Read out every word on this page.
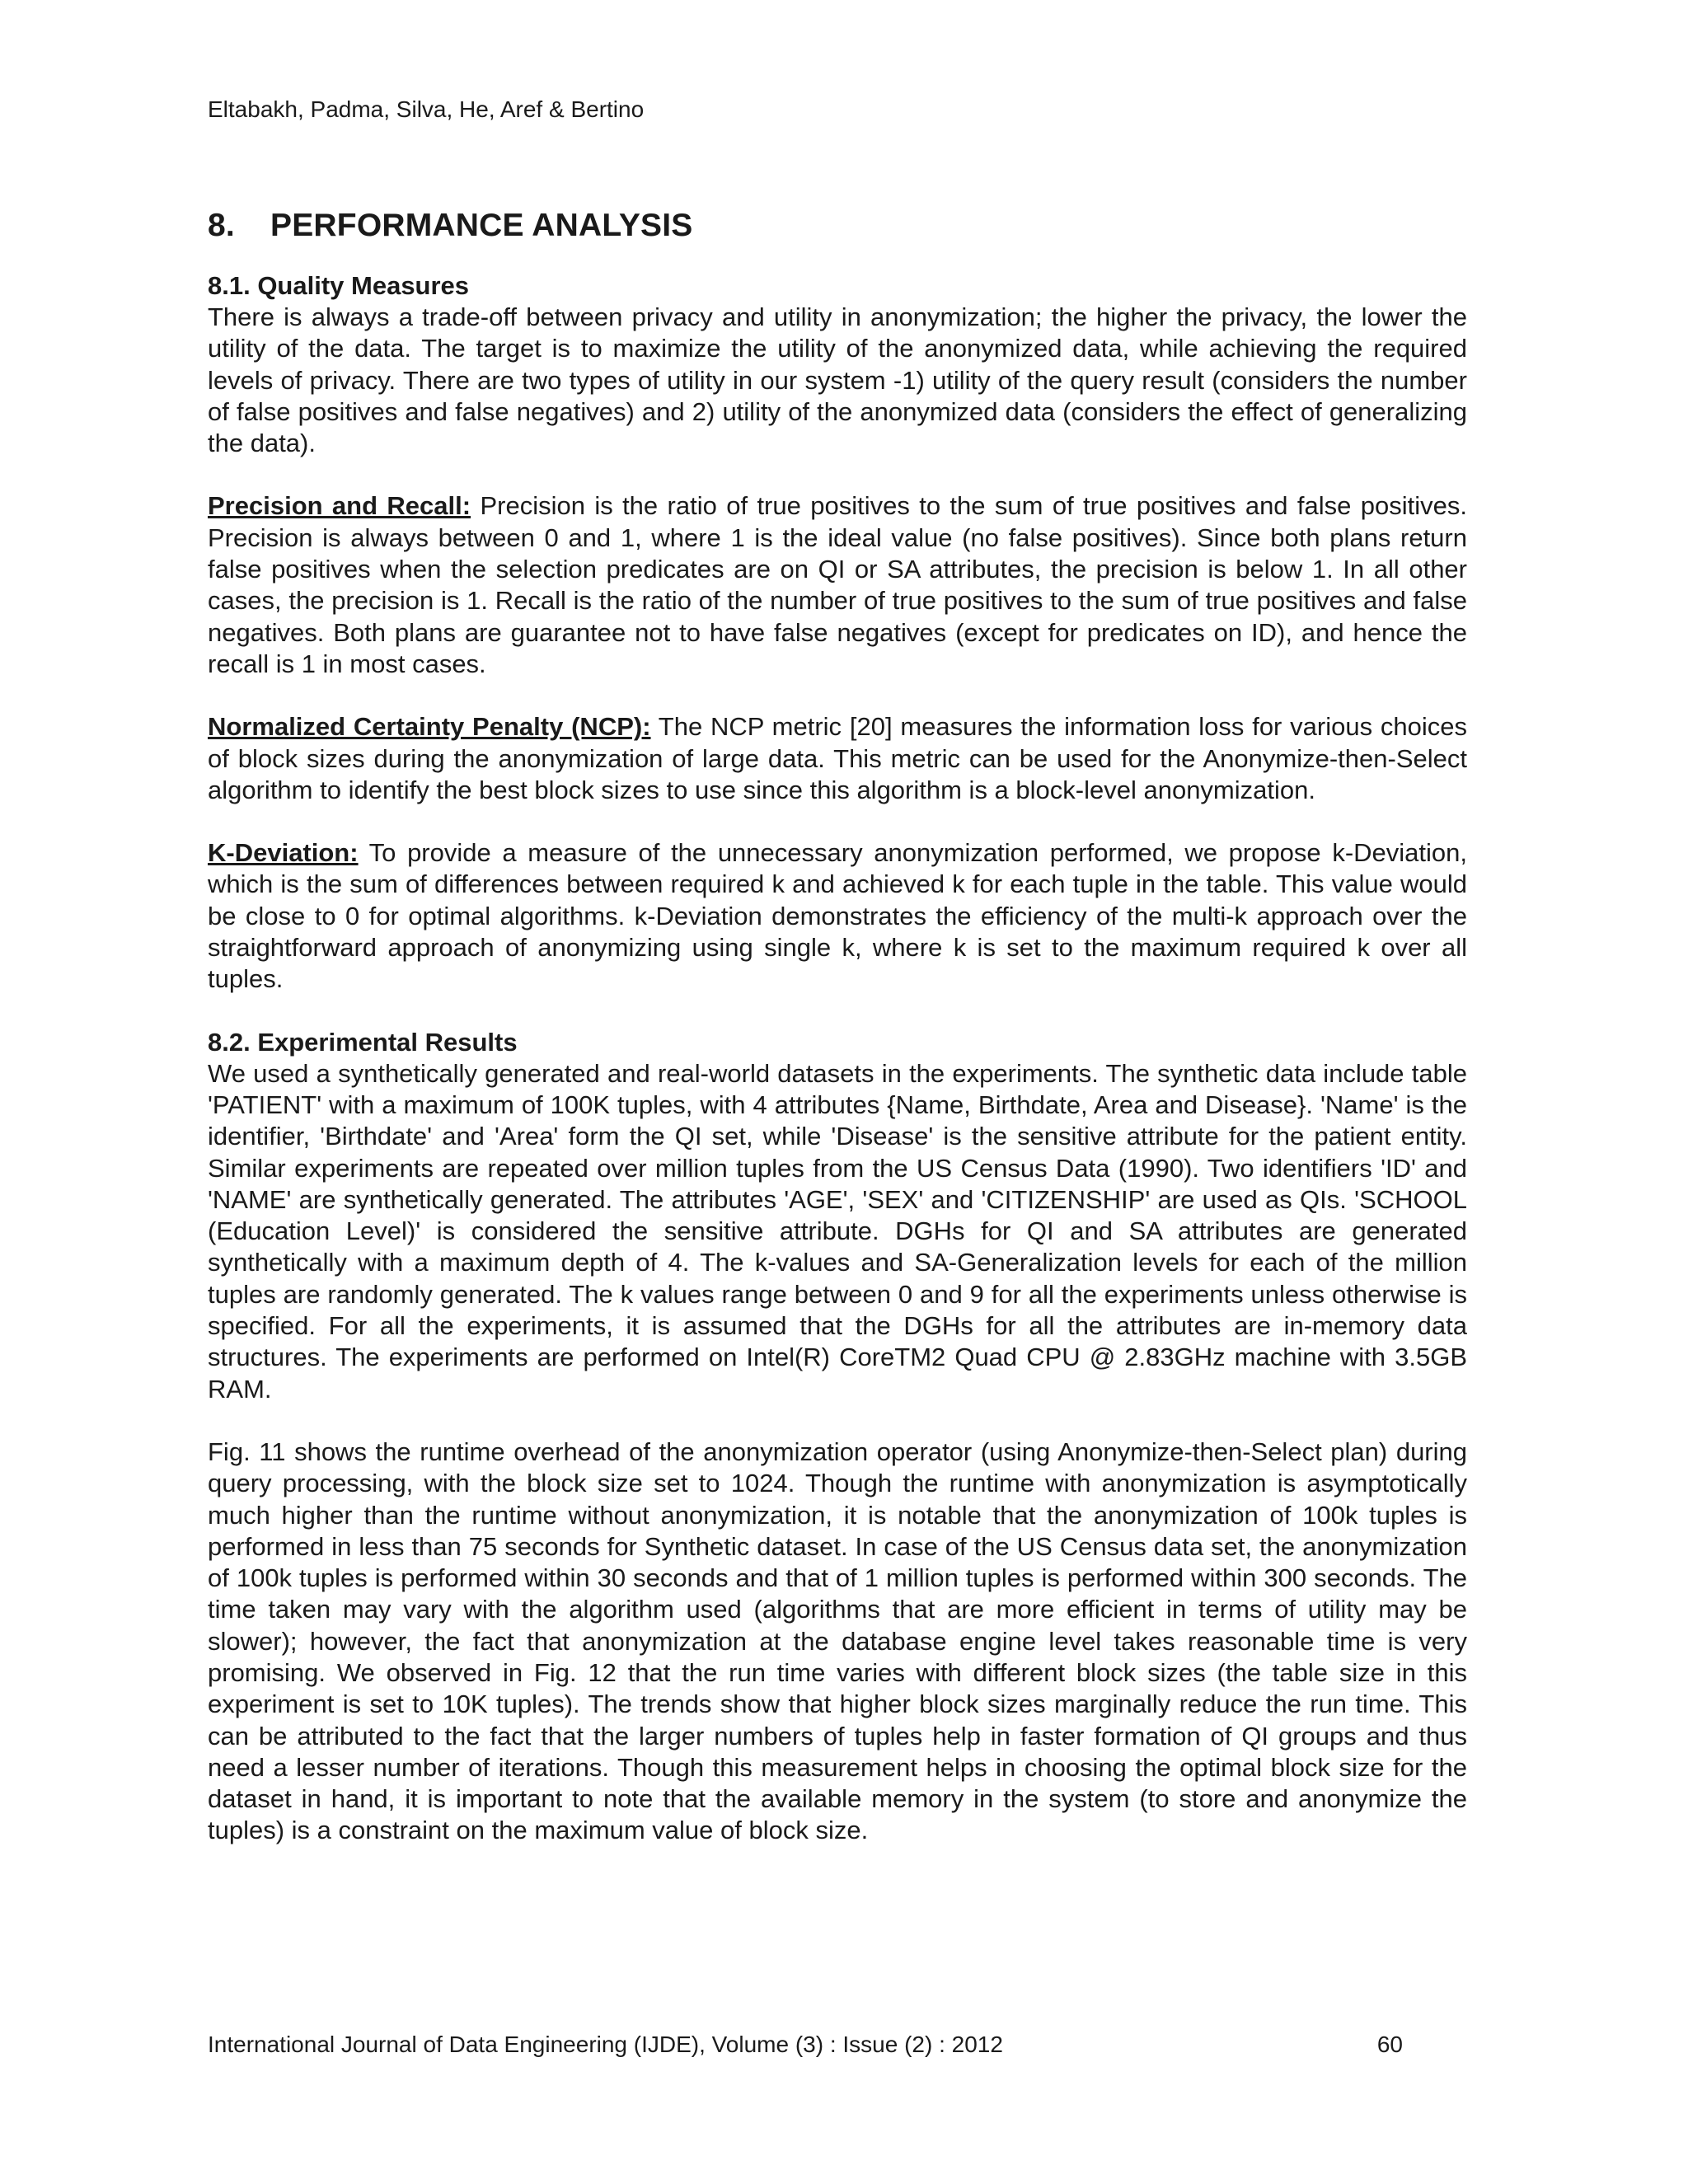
Eltabakh, Padma, Silva, He, Aref & Bertino
8. PERFORMANCE ANALYSIS
8.1. Quality Measures

There is always a trade-off between privacy and utility in anonymization; the higher the privacy, the lower the utility of the data. The target is to maximize the utility of the anonymized data, while achieving the required levels of privacy. There are two types of utility in our system -1) utility of the query result (considers the number of false positives and false negatives) and 2) utility of the anonymized data (considers the effect of generalizing the data).

Precision and Recall: Precision is the ratio of true positives to the sum of true positives and false positives. Precision is always between 0 and 1, where 1 is the ideal value (no false positives). Since both plans return false positives when the selection predicates are on QI or SA attributes, the precision is below 1. In all other cases, the precision is 1. Recall is the ratio of the number of true positives to the sum of true positives and false negatives. Both plans are guarantee not to have false negatives (except for predicates on ID), and hence the recall is 1 in most cases.

Normalized Certainty Penalty (NCP): The NCP metric [20] measures the information loss for various choices of block sizes during the anonymization of large data. This metric can be used for the Anonymize-then-Select algorithm to identify the best block sizes to use since this algorithm is a block-level anonymization.

K-Deviation: To provide a measure of the unnecessary anonymization performed, we propose k-Deviation, which is the sum of differences between required k and achieved k for each tuple in the table. This value would be close to 0 for optimal algorithms. k-Deviation demonstrates the efficiency of the multi-k approach over the straightforward approach of anonymizing using single k, where k is set to the maximum required k over all tuples.

8.2. Experimental Results

We used a synthetically generated and real-world datasets in the experiments. The synthetic data include table 'PATIENT' with a maximum of 100K tuples, with 4 attributes {Name, Birthdate, Area and Disease}. 'Name' is the identifier, 'Birthdate' and 'Area' form the QI set, while 'Disease' is the sensitive attribute for the patient entity. Similar experiments are repeated over million tuples from the US Census Data (1990). Two identifiers 'ID' and 'NAME' are synthetically generated. The attributes 'AGE', 'SEX' and 'CITIZENSHIP' are used as QIs. 'SCHOOL (Education Level)' is considered the sensitive attribute. DGHs for QI and SA attributes are generated synthetically with a maximum depth of 4. The k-values and SA-Generalization levels for each of the million tuples are randomly generated. The k values range between 0 and 9 for all the experiments unless otherwise is specified. For all the experiments, it is assumed that the DGHs for all the attributes are in-memory data structures. The experiments are performed on Intel(R) CoreTM2 Quad CPU @ 2.83GHz machine with 3.5GB RAM.

Fig. 11 shows the runtime overhead of the anonymization operator (using Anonymize-then-Select plan) during query processing, with the block size set to 1024. Though the runtime with anonymization is asymptotically much higher than the runtime without anonymization, it is notable that the anonymization of 100k tuples is performed in less than 75 seconds for Synthetic dataset. In case of the US Census data set, the anonymization of 100k tuples is performed within 30 seconds and that of 1 million tuples is performed within 300 seconds. The time taken may vary with the algorithm used (algorithms that are more efficient in terms of utility may be slower); however, the fact that anonymization at the database engine level takes reasonable time is very promising. We observed in Fig. 12 that the run time varies with different block sizes (the table size in this experiment is set to 10K tuples). The trends show that higher block sizes marginally reduce the run time. This can be attributed to the fact that the larger numbers of tuples help in faster formation of QI groups and thus need a lesser number of iterations. Though this measurement helps in choosing the optimal block size for the dataset in hand, it is important to note that the available memory in the system (to store and anonymize the tuples) is a constraint on the maximum value of block size.

International Journal of Data Engineering (IJDE), Volume (3) : Issue (2) : 2012	60
